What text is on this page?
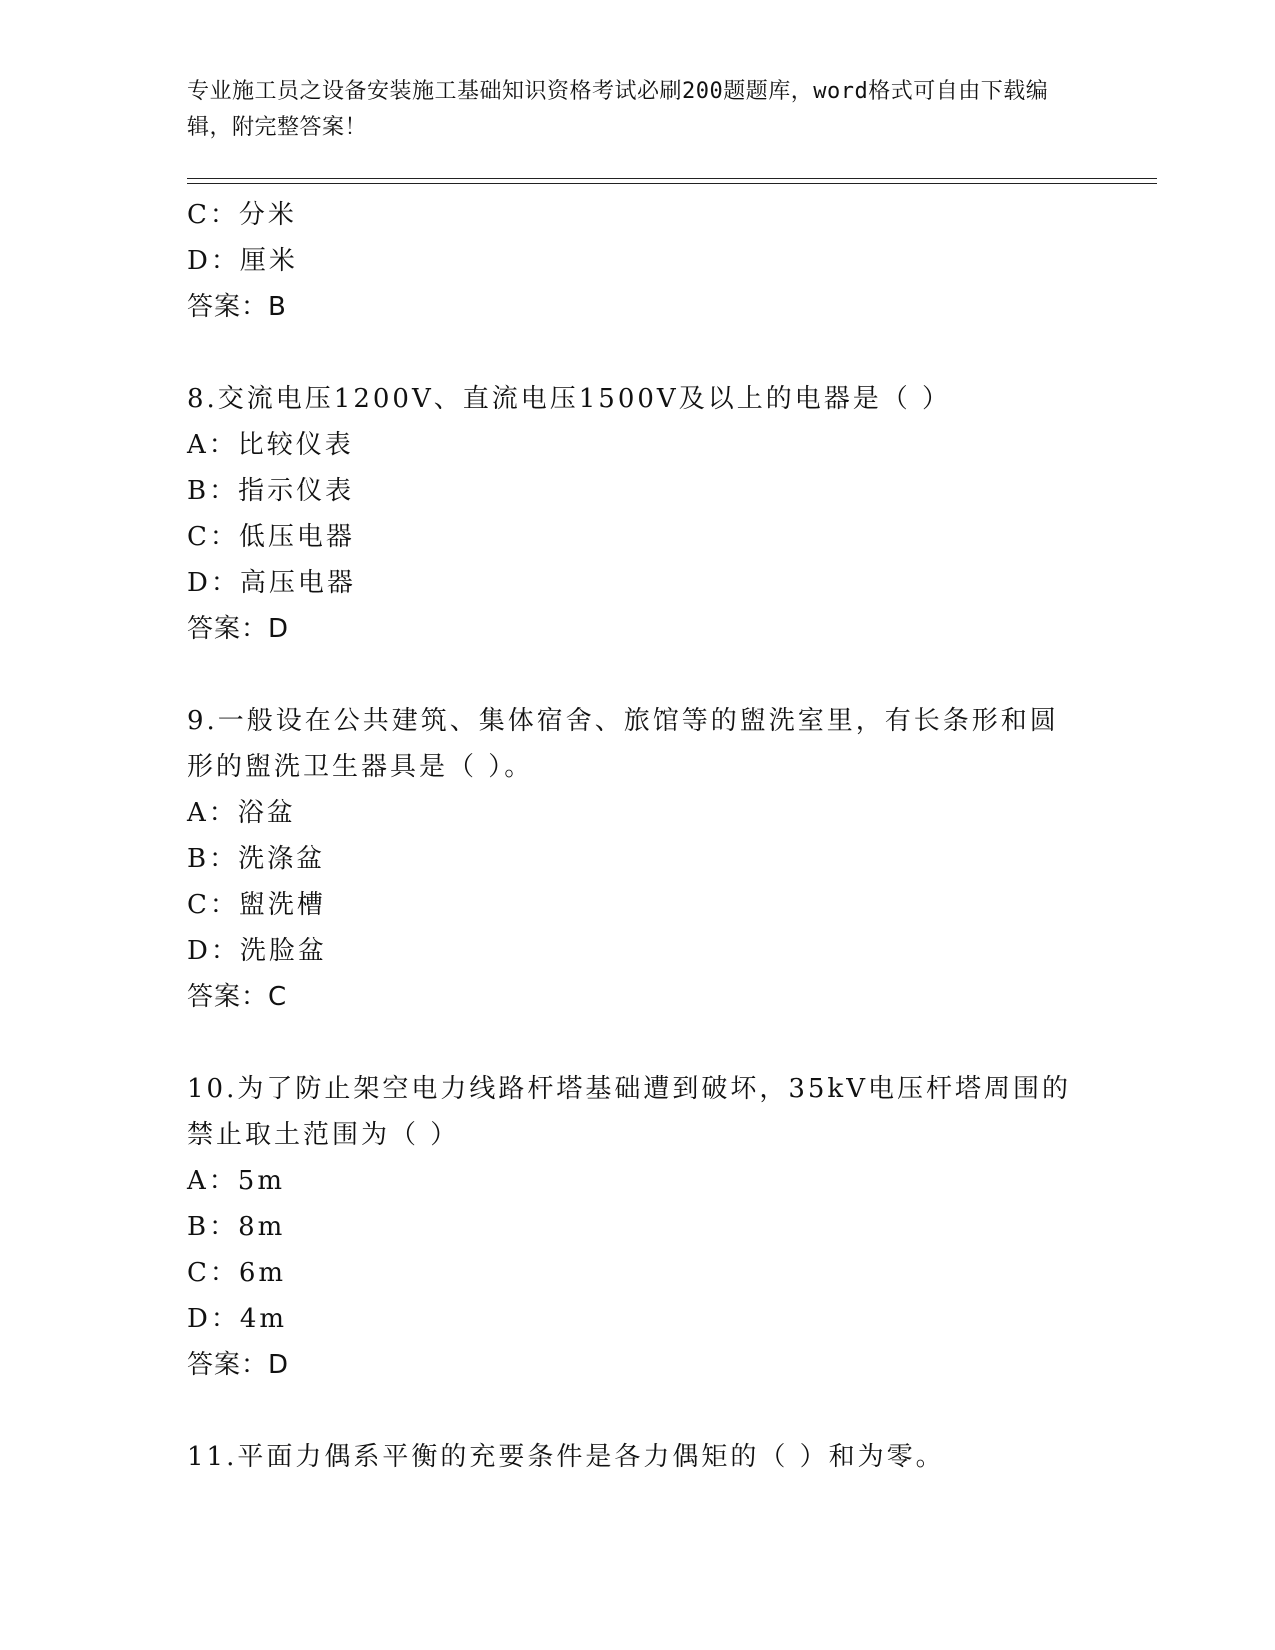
专业施工员之设备安装施工基础知识资格考试必刷200题题库，word格式可自由下载编辑，附完整答案！
C：分米
D：厘米
答案：B
8.交流电压1200V、直流电压1500V及以上的电器是（ ）
A：比较仪表
B：指示仪表
C：低压电器
D：高压电器
答案：D
9.一般设在公共建筑、集体宿舍、旅馆等的盥洗室里，有长条形和圆形的盥洗卫生器具是（ ）。
A：浴盆
B：洗涤盆
C：盥洗槽
D：洗脸盆
答案：C
10.为了防止架空电力线路杆塔基础遭到破坏，35kV电压杆塔周围的禁止取土范围为（ ）
A：5m
B：8m
C：6m
D：4m
答案：D
11.平面力偶系平衡的充要条件是各力偶矩的（ ）和为零。
